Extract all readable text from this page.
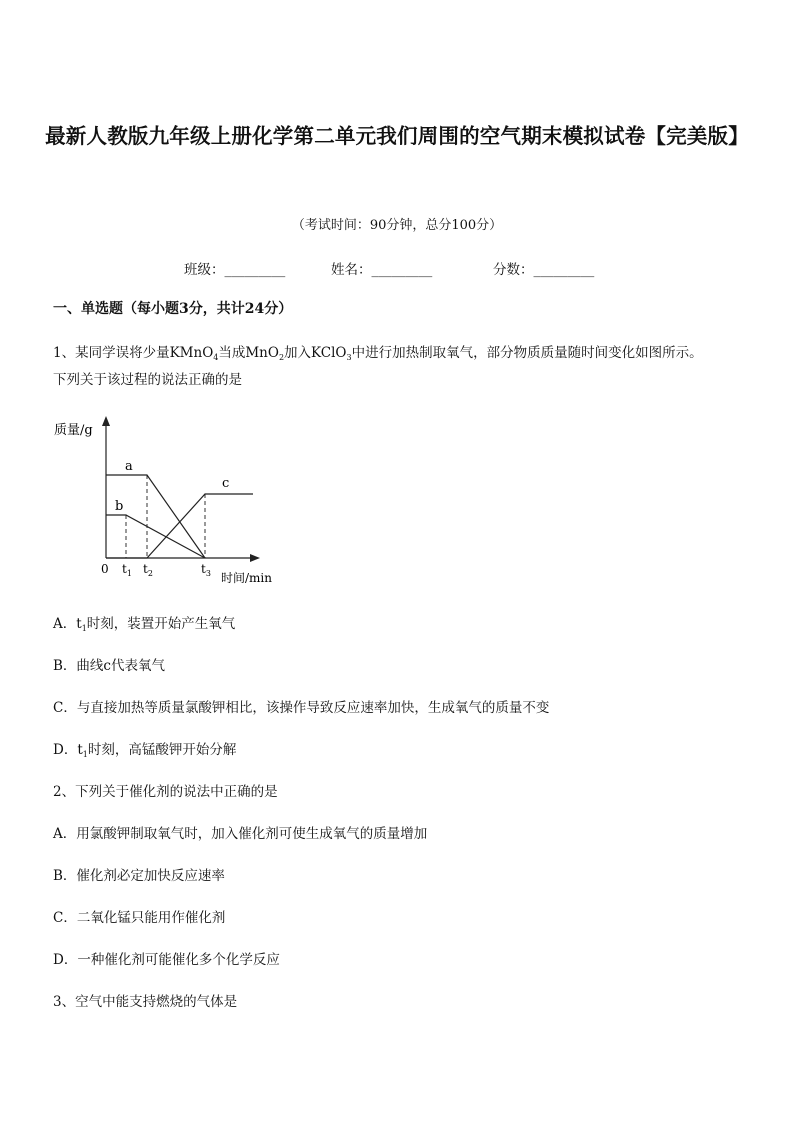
最新人教版九年级上册化学第二单元我们周围的空气期末模拟试卷【完美版】
（考试时间：90分钟，总分100分）
班级：_________	姓名：_________	分数：_________
一、单选题（每小题3分，共计24分）
1、某同学误将少量KMnO$_4$当成MnO$_2$加入KClO$_3$中进行加热制取氧气，部分物质质量随时间变化如图所示。
下列关于该过程的说法正确的是
质量/g
时间/min
0 $t_1$ $t_2$	$t_3$
a
b
c
A．$t_1$时刻，装置开始产生氧气
B．曲线c代表氧气
C．与直接加热等质量氯酸钾相比，该操作导致反应速率加快，生成氧气的质量不变
D．$t_1$时刻，高锰酸钾开始分解
2、下列关于催化剂的说法中正确的是
A．用氯酸钾制取氧气时，加入催化剂可使生成氧气的质量增加
B．催化剂必定加快反应速率
C．二氧化锰只能用作催化剂
D．一种催化剂可能催化多个化学反应
3、空气中能支持燃烧的气体是
